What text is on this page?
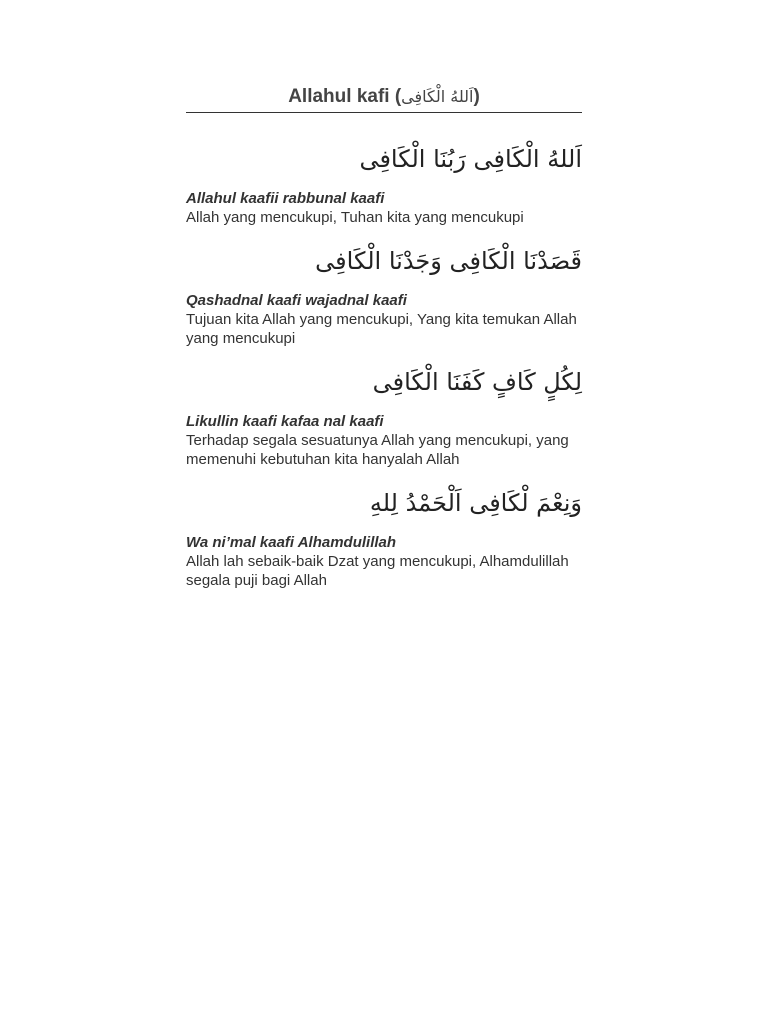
Allahul kafi (اَللهُ الْكَافِى)
اَللهُ الْكَافِى رَبُنَا الْكَافِى
Allahul kaafii rabbunal kaafi
Allah yang mencukupi, Tuhan kita yang mencukupi
قَصَدْنَا الْكَافِى وَجَدْنَا الْكَافِى
Qashadnal kaafi wajadnal kaafi
Tujuan kita Allah yang mencukupi, Yang kita temukan Allah yang mencukupi
لِكُلٍ كَافٍ كَفَنَا الْكَافِى
Likullin kaafi kafaa nal kaafi
Terhadap segala sesuatunya Allah yang mencukupi, yang memenuhi kebutuhan kita hanyalah Allah
وَنِعْمَ لْكَافِى اَلْحَمْدُ لِلهِ
Wa ni’mal kaafi Alhamdulillah
Allah lah sebaik-baik Dzat yang mencukupi, Alhamdulillah segala puji bagi Allah
